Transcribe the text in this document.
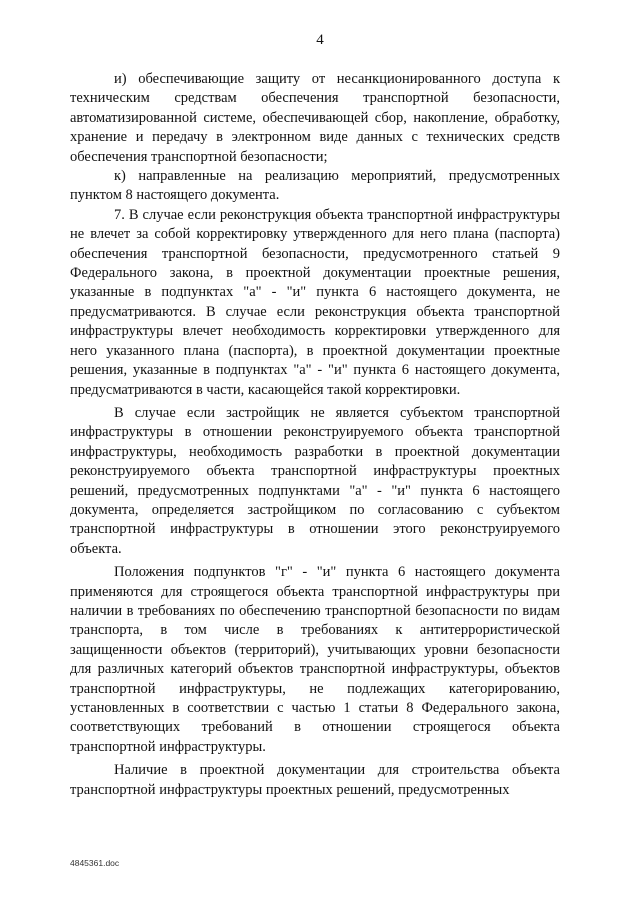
4

и) обеспечивающие защиту от несанкционированного доступа к техническим средствам обеспечения транспортной безопасности, автоматизированной системе, обеспечивающей сбор, накопление, обработку, хранение и передачу в электронном виде данных с технических средств обеспечения транспортной безопасности;

к) направленные на реализацию мероприятий, предусмотренных пунктом 8 настоящего документа.

7. В случае если реконструкция объекта транспортной инфраструктуры не влечет за собой корректировку утвержденного для него плана (паспорта) обеспечения транспортной безопасности, предусмотренного статьей 9 Федерального закона, в проектной документации проектные решения, указанные в подпунктах "а" - "и" пункта 6 настоящего документа, не предусматриваются. В случае если реконструкция объекта транспортной инфраструктуры влечет необходимость корректировки утвержденного для него указанного плана (паспорта), в проектной документации проектные решения, указанные в подпунктах "а" - "и" пункта 6 настоящего документа, предусматриваются в части, касающейся такой корректировки.

В случае если застройщик не является субъектом транспортной инфраструктуры в отношении реконструируемого объекта транспортной инфраструктуры, необходимость разработки в проектной документации реконструируемого объекта транспортной инфраструктуры проектных решений, предусмотренных подпунктами "а" - "и" пункта 6 настоящего документа, определяется застройщиком по согласованию с субъектом транспортной инфраструктуры в отношении этого реконструируемого объекта.

Положения подпунктов "г" - "и" пункта 6 настоящего документа применяются для строящегося объекта транспортной инфраструктуры при наличии в требованиях по обеспечению транспортной безопасности по видам транспорта, в том числе в требованиях к антитеррористической защищенности объектов (территорий), учитывающих уровни безопасности для различных категорий объектов транспортной инфраструктуры, объектов транспортной инфраструктуры, не подлежащих категорированию, установленных в соответствии с частью 1 статьи 8 Федерального закона, соответствующих требований в отношении строящегося объекта транспортной инфраструктуры.

Наличие в проектной документации для строительства объекта транспортной инфраструктуры проектных решений, предусмотренных

4845361.doc
